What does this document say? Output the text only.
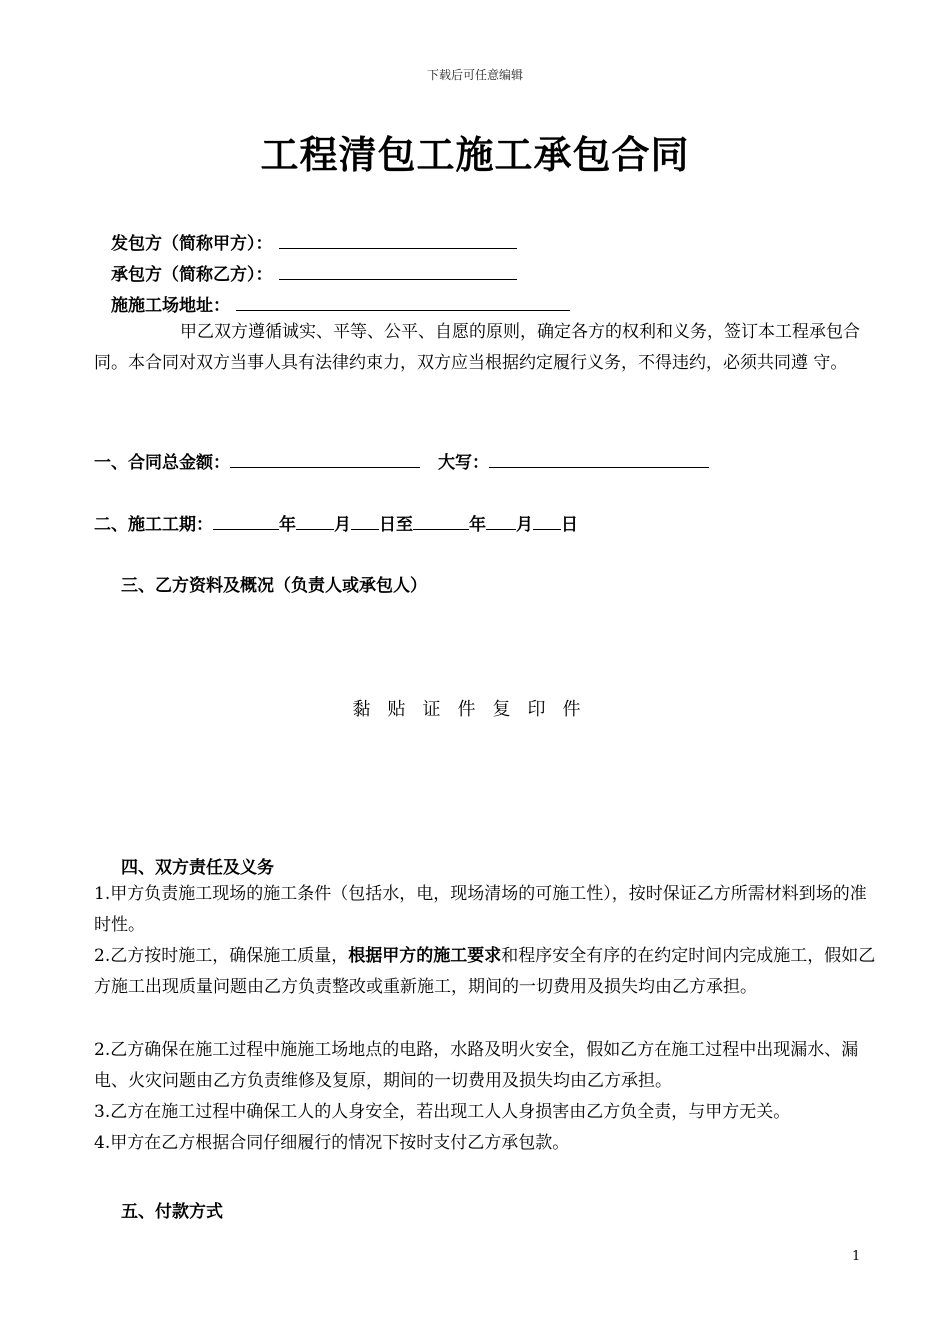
下载后可任意编辑
工程清包工施工承包合同
发包方（简称甲方）：
承包方（简称乙方）：
施施工场地址：
甲乙双方遵循诚实、平等、公平、自愿的原则，确定各方的权利和义务，签订本工程承包合同。本合同对双方当事人具有法律约束力，双方应当根据约定履行义务，不得违约，必须共同遵 守。
一、合同总金额：	大写：
二、施工工期：	年 月 日至	年 月 日
三、乙方资料及概况（负责人或承包人）
黏贴证件复印件
四、双方责任及义务
1.甲方负责施工现场的施工条件（包括水，电，现场清场的可施工性），按时保证乙方所需材料到场的准时性。
2.乙方按时施工，确保施工质量，根据甲方的施工要求和程序安全有序的在约定时间内完成施工，假如乙方施工出现质量问题由乙方负责整改或重新施工，期间的一切费用及损失均由乙方承担。
2.乙方确保在施工过程中施施工场地点的电路，水路及明火安全，假如乙方在施工过程中出现漏水、漏电、火灾问题由乙方负责维修及复原，期间的一切费用及损失均由乙方承担。
3.乙方在施工过程中确保工人的人身安全，若出现工人人身损害由乙方负全责，与甲方无关。
4.甲方在乙方根据合同仔细履行的情况下按时支付乙方承包款。
五、付款方式
1
